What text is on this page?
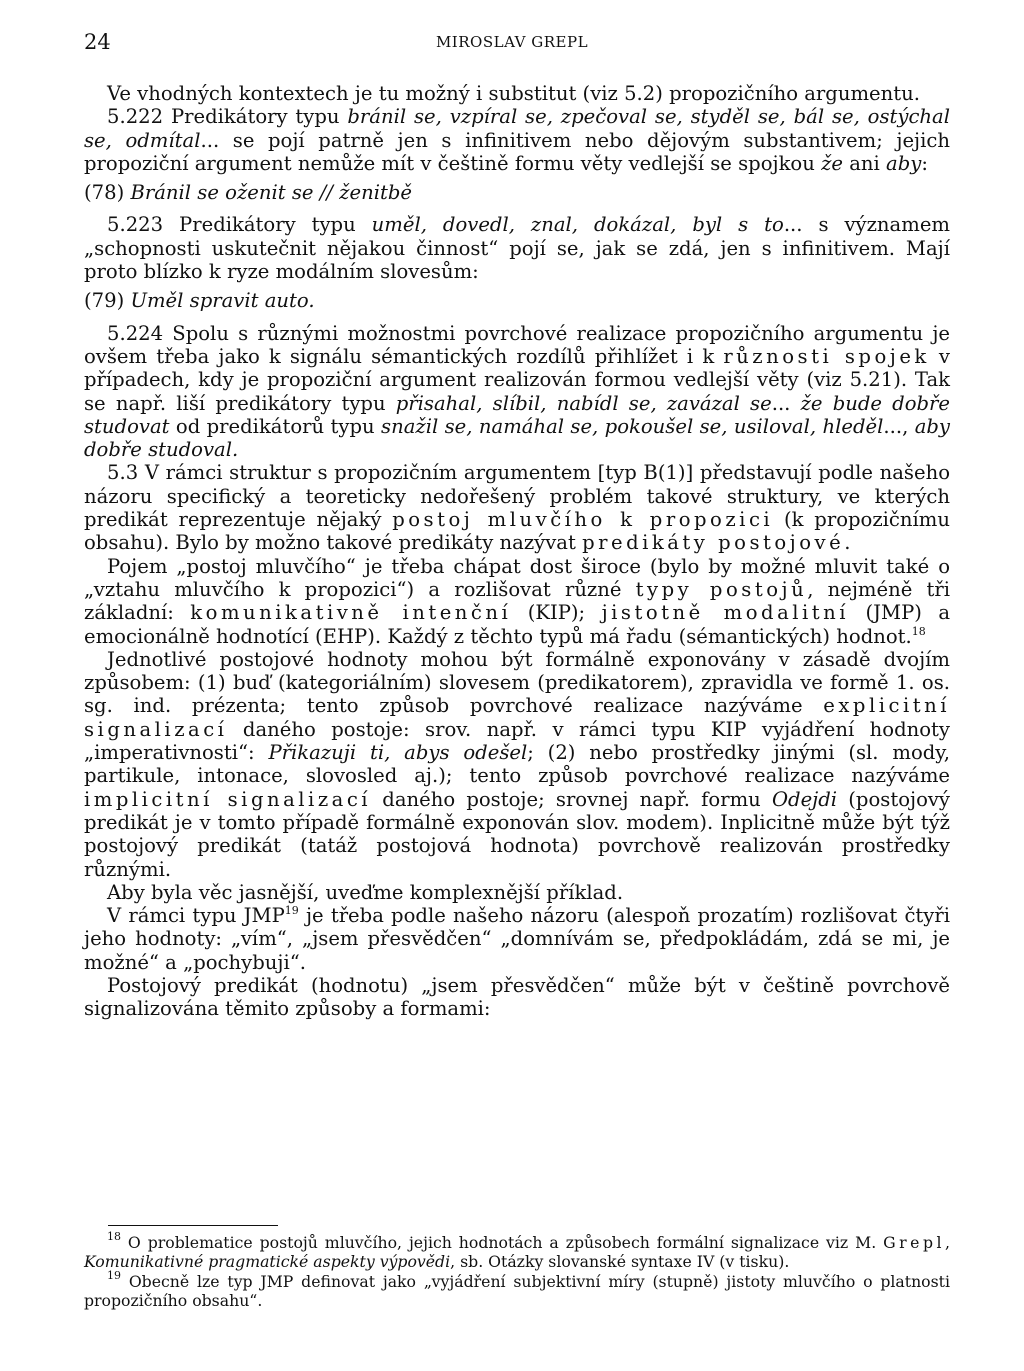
24	MIROSLAV GREPL

Ve vhodných kontextech je tu možný i substitut (viz 5.2) propozičního argumentu.

5.222 Predikátory typu bránil se, vzpíral se, zpečoval se, styděl se, bál se, ostýchal se, odmítal... se pojí patrně jen s infinitivem nebo dějovým substantivem; jejich propoziční argument nemůže mít v češtině formu věty vedlejší se spojkou že ani aby:

(78) Bránil se oženit se // ženitbě

5.223 Predikátory typu uměl, dovedl, znal, dokázal, byl s to... s významem „schopnosti uskutečnit nějakou činnost“ pojí se, jak se zdá, jen s infinitivem. Mají proto blízko k ryze modálním slovesům:

(79) Uměl spravit auto.

5.224 Spolu s různými možnostmi povrchové realizace propozičního argumentu je ovšem třeba jako k signálu sémantických rozdílů přihlížet i k různosti spojek v případech, kdy je propoziční argument realizován formou vedlejší věty (viz 5.21). Tak se např. liší predikátory typu přisahal, slíbil, nabídl se, zavázal se... že bude dobře studovat od predikátorů typu snažil se, namáhal se, pokoušel se, usiloval, hleděl..., aby dobře studoval.

5.3 V rámci struktur s propozičním argumentem [typ B(1)] představují podle našeho názoru specifický a teoreticky nedořešený problém takové struktury, ve kterých predikát reprezentuje nějaký postoj mluvčího k propozici (k propozičnímu obsahu). Bylo by možno takové predikáty nazývat predikáty postojové.

Pojem „postoj mluvčího“ je třeba chápat dost široce (bylo by možné mluvit také o „vztahu mluvčího k propozici“) a rozlišovat různé typy postojů, nejméně tři základní: komunikativně intenční (KIP); jistotně modalitní (JMP) a emocionálně hodnotící (EHP). Každý z těchto typů má řadu (sémantických) hodnot.$^{18}$

Jednotlivé postojové hodnoty mohou být formálně exponovány v zásadě dvojím způsobem: (1) buď (kategoriálním) slovesem (predikatorem), zpravidla ve formě 1. os. sg. ind. prézenta; tento způsob povrchové realizace nazýváme explicitní signalizací daného postoje: srov. např. v rámci typu KIP vyjádření hodnoty „imperativnosti“: Přikazuji ti, abys odešel; (2) nebo prostředky jinými (sl. mody, partikule, intonace, slovosled aj.); tento způsob povrchové realizace nazýváme implicitní signalizací daného postoje; srovnej např. formu Odejdi (postojový predikát je v tomto případě formálně exponován slov. modem). Inplicitně může být týž postojový predikát (tatáž postojová hodnota) povrchově realizován prostředky různými.

Aby byla věc jasnější, uveďme komplexnější příklad.

V rámci typu JMP$^{19}$ je třeba podle našeho názoru (alespoň prozatím) rozlišovat čtyři jeho hodnoty: „vím“, „jsem přesvědčen“ „domnívám se, předpokládám, zdá se mi, je možné“ a „pochybuji“.

Postojový predikát (hodnotu) „jsem přesvědčen“ může být v češtině povrchově signalizována těmito způsoby a formami:

$^{18}$ O problematice postojů mluvčího, jejich hodnotách a způsobech formální signalizace viz M. Grepl, Komunikativné pragmatické aspekty výpovědi, sb. Otázky slovanské syntaxe IV (v tisku).

$^{19}$ Obecně lze typ JMP definovat jako „vyjádření subjektivní míry (stupně) jistoty mluvčího o platnosti propozičního obsahu“.
